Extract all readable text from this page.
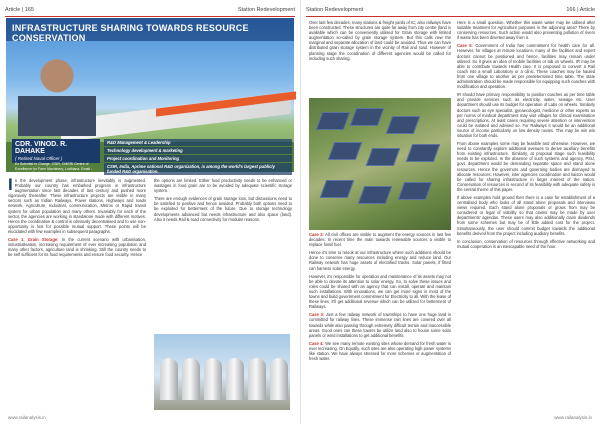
Article | 165	Station Redevelopment
INFRASTRUCTURE SHARING TOWARDS RESOURCE CONSERVATION
CDR. VINOD. R. DAHAKE
( Retired Naval Officer )
Ex Scientist In Charge, CSIR, CMERI Centre of Excellence for Farm Machinery, Ludhiana. Email : dahnad_m@yahoo.co.in
R&D Management & Leadership
Technology development & marketing
Project coordination and Monitoring
CSIR, India, Aprime national R&D organization, is among the world's largest publicly funded R&D organisation.

In the development phase, infrastructure inevitably is augmented. Probably our country has embarked progress in infrastructure augmentation since last decades of last century and pushed more vigorously thereafter. These infrastructure projects are visible in many sectors such as Indian Railways, Power stations, Highways and roads network, Agriculture, Industrial, communication, Metros or Rapid transit system for urban population and many others. Invariably for each of the sector, the agencies are working in standalone mode with different motives. Hence the coordination & control is obviously decentralised and to use non-opportunity is lost for possible mutual support. These points will be elucidated with few examples in subsequent paragraphs.

Case 1: Grain Storage: In the current scenario with urbanisation, industrialisation, increasing requirement of ever increasing population and many other factors, agriculture land is shrinking. Still the country needs to be self sufficient for its food requirements and ensure food security. Hence

the options are limited. Either food productivity needs to be enhanced or wastages in food grain are to be avoided by adequate scientific storage system.

There are enough evidences of grain storage loss, but discussions need to be satisfied to positive and hence avoided. Probably both options need to be exploited for betterment of the future. Due to storage technology developments advanced but needs infrastructure and also space (land). Also it needs Rail & road connectivity for modular reasons.

www.railanalysis.in
Station Redevelopment	166 | Article

Over last few decades, many stations & freight yards of IC, also railways have been constructed. These structures are quite far away from city centre (land is available which can be conveniently utilised for Grain storage with limited augmentation so-called by grain storage system. But this calls new the marginal and separate allocation of land could be avoided. Thus we can have distributed grain storage system in the vicinity of Rail and road. However of planning stage the coordination of different agencies would be called for including such sharing.

Case 2: All civil offices are visible to augment the energy sources in last few decades. In recent time the main towards renewable sources a visible to replace fossil fuel.

Hence it's time to relook at our infrastructure where such additions should be done to conserve many resources including energy and reduce land. Our Railway network has huge assets of electrified tracks. Solar panels, if fitted can harness solar energy.

However, it's responsible for operation and maintenance of its assets may not be able to devote its attention to solar energy. So, to solve these issues and roles could be shared with an agency that can install, operate and maintain such installations. With innovations, we can get more signs in most of the towns and build government commitment for Electricity to all. With the lease of these lines, it'll get additional revenue which can be utilized for betterment of Railways.

Case 3: Just a few railway network of townships to have one huge land is committed for railway lines. These immense rain lines are covered over all towards while also passing through extremely difficult terrain and inaccessible areas. Good ones can these towers be utilize land also to house some solar panels or wind installations to get additional benefits.

Case 4: We see many remote existing sites whose demand for fresh water is ever increasing. On Equally, such sites are also operating high power systems like station. We have always stressed for more schemes or augmentation of fresh water.

Here is a small question. Whether this waste water may be utilised after suitable treatment for Agriculture purposes in the adjoining area? There by conserving resources. Such action would also preventing pollution of rivers if waste has been diverted away from it.

Case 5: Government of India has commitment for health care for all. However, for villages at remote locations, many of the facilities and expert doctors cannot be positioned and hence, facilities may remain under utilised. So it gives an idea of mobile facilities or tab on wheels. IR may be able to contribute towards Health care. It is proposed to convert a Rail coach into a small Laboratory or a clinic. These coaches may be hauled from one village to another as per predetermined time table. The state administration should be made responsible for equipping such coaches with modification and operation.

IR should have primary responsibility to position coaches as per time table and provide services such as electricity, water, sewage etc. User department should use its budget for operation of Labs on wheels. Similarly doctors such as eye specialist, gynaecologist, medicine or other experts as per norms of medical department may visit villages for clinical examination and prescriptions. At least cases requiring severe attention or intervention could be isolated and advised so. For Railways it would be an additional source of income particularly on low density routes. This may be win win situation for both ends.

From above examples some may be feasible and otherwise. However, we need to constantly explore additional avenues to derive auxiliary benefits from existing infrastructure. Similarly, at proposal stage such feasibility needs to be explored. In the absence of such systems and agency, PSU, govt. department would be demanding separate space and stand alone resources. Hence the governors and governing bodies are dismayed to allocate resources. However, inter agencies coordination and liaison would be called for sharing infrastructure in larger interest of the nation. Conservation of resources is second of its feasibility with adequate safety is the central theme of this paper.

If above examples hold ground then there is a case for establishment of a centralised body who looks of all stand alone proposals and interviews views required. Each stand alone proposals or grows from may be considered or legal of viability so that claims may be made by user departments' agendas. These users may also additionally claim dividends from some schemes but may be of little added cost for the project. Simultaneously, the user should commit budget towards the additional benefits derived from the project including auxiliary benefits.

In conclusion, conservation of resources through effective networking and mutual cooperation is an inescapable need of the hour.

www.railanalysis.in
